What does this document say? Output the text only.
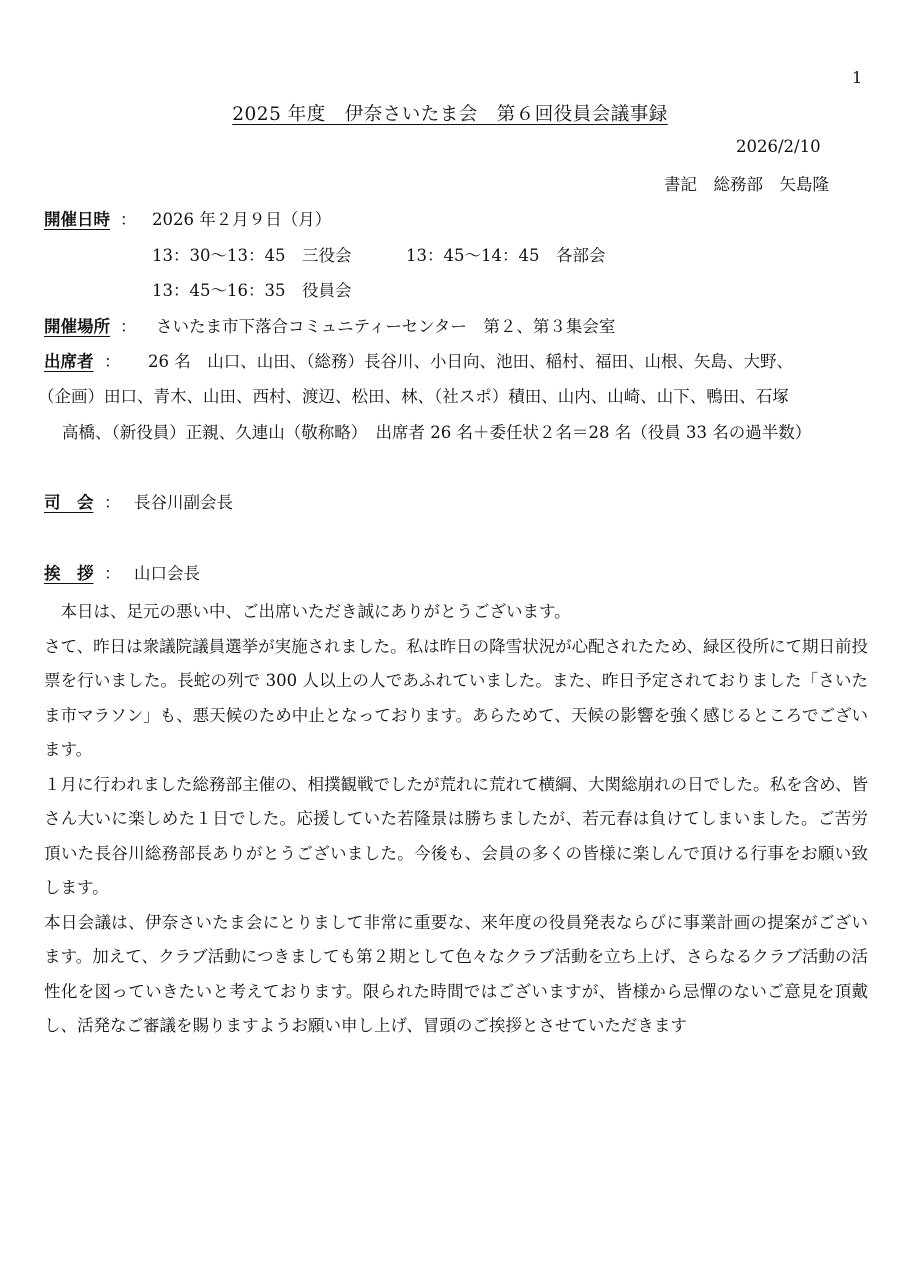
1
2025 年度　伊奈さいたま会　第６回役員会議事録
2026/2/10
書記　総務部　矢島隆
開催日時 ： 2026 年２月９日（月）
13：30～13：45　三役会	13：45～14：45　各部会
13：45～16：35　役員会
開催場所 ： さいたま市下落合コミュニティーセンター　第２、第３集会室
出席者 ： 26 名　山口、山田、（総務）長谷川、小日向、池田、稲村、福田、山根、矢島、大野、
（企画）田口、青木、山田、西村、渡辺、松田、林、（社スポ）積田、山内、山崎、山下、鴨田、石塚
高橋、（新役員）正親、久連山（敬称略）　出席者 26 名＋委任状２名＝28 名（役員 33 名の過半数）
司　会 ： 長谷川副会長
挨　拶 ： 山口会長

本日は、足元の悪い中、ご出席いただき誠にありがとうございます。

さて、昨日は衆議院議員選挙が実施されました。私は昨日の降雪状況が心配されたため、緑区役所にて期日前投票を行いました。長蛇の列で 300 人以上の人であふれていました。また、昨日予定されておりました「さいたま市マラソン」も、悪天候のため中止となっております。あらためて、天候の影響を強く感じるところでございます。

１月に行われました総務部主催の、相撲観戦でしたが荒れに荒れて横綱、大関総崩れの日でした。私を含め、皆さん大いに楽しめた１日でした。応援していた若隆景は勝ちましたが、若元春は負けてしまいました。ご苦労頂いた長谷川総務部長ありがとうございました。今後も、会員の多くの皆様に楽しんで頂ける行事をお願い致します。

本日会議は、伊奈さいたま会にとりまして非常に重要な、来年度の役員発表ならびに事業計画の提案がございます。加えて、クラブ活動につきましても第２期として色々なクラブ活動を立ち上げ、さらなるクラブ活動の活性化を図っていきたいと考えております。限られた時間ではございますが、皆様から忌憚のないご意見を頂戴し、活発なご審議を賜りますようお願い申し上げ、冒頭のご挨拶とさせていただきます
